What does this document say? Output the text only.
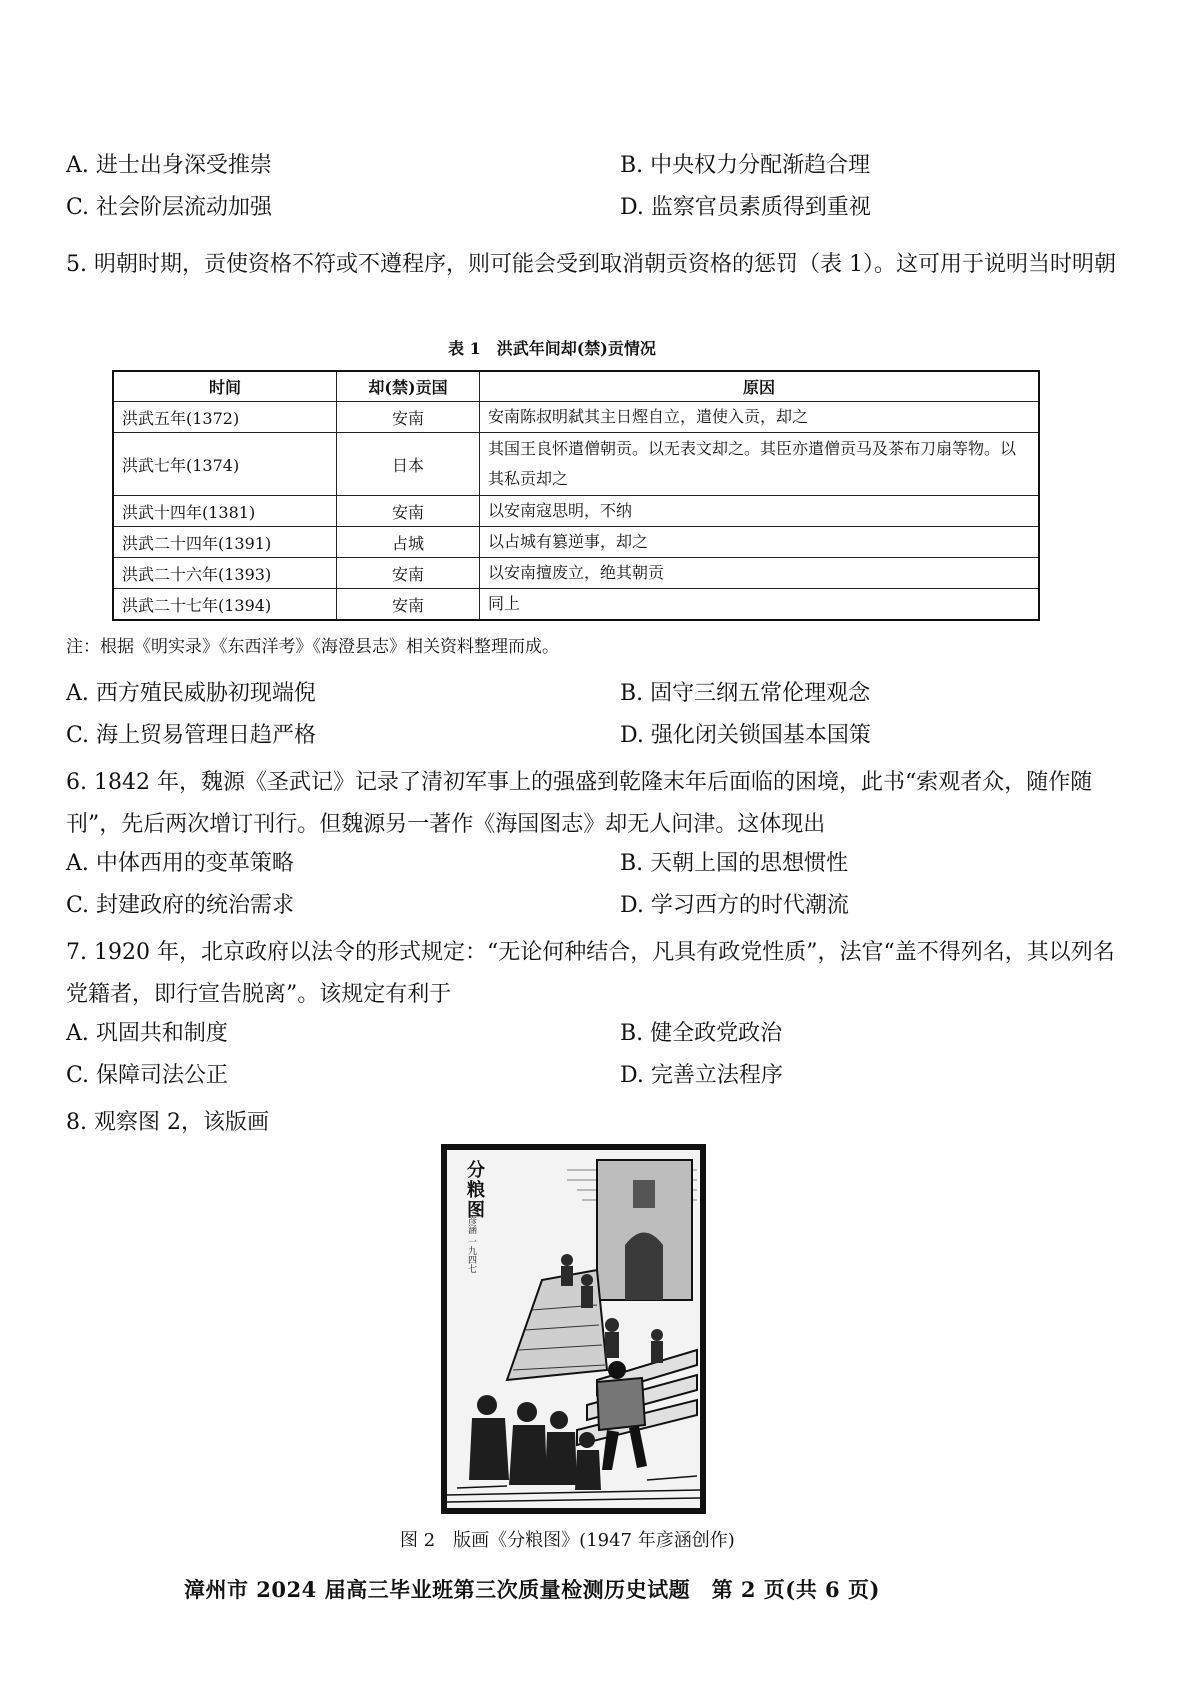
A. 进士出身深受推崇	B. 中央权力分配渐趋合理
C. 社会阶层流动加强	D. 监察官员素质得到重视
5. 明朝时期，贡使资格不符或不遵程序，则可能会受到取消朝贡资格的惩罚（表 1）。这可用于说明当时明朝
表 1　洪武年间却(禁)贡情况
时间	却(禁)贡国	原因
洪武五年(1372)	安南	安南陈叔明弑其主日熞自立，遣使入贡，却之
洪武七年(1374)	日本	其国王良怀遣僧朝贡。以无表文却之。其臣亦遣僧贡马及茶布刀扇等物。以其私贡却之
洪武十四年(1381)	安南	以安南寇思明，不纳
洪武二十四年(1391)	占城	以占城有篡逆事，却之
洪武二十六年(1393)	安南	以安南擅废立，绝其朝贡
洪武二十七年(1394)	安南	同上
注：根据《明实录》《东西洋考》《海澄县志》相关资料整理而成。
A. 西方殖民威胁初现端倪	B. 固守三纲五常伦理观念
C. 海上贸易管理日趋严格	D. 强化闭关锁国基本国策
6. 1842 年，魏源《圣武记》记录了清初军事上的强盛到乾隆末年后面临的困境，此书“索观者众，随作随刊”，先后两次增订刊行。但魏源另一著作《海国图志》却无人问津。这体现出
A. 中体西用的变革策略	B. 天朝上国的思想惯性
C. 封建政府的统治需求	D. 学习西方的时代潮流
7. 1920 年，北京政府以法令的形式规定：“无论何种结合，凡具有政党性质”，法官“盖不得列名，其以列名党籍者，即行宣告脱离”。该规定有利于
A. 巩固共和制度	B. 健全政党政治
C. 保障司法公正	D. 完善立法程序
8. 观察图 2，该版画
分粮图
彦涵 一九四七
图 2　版画《分粮图》(1947 年彦涵创作)
漳州市 2024 届高三毕业班第三次质量检测历史试题　第 2 页(共 6 页)
